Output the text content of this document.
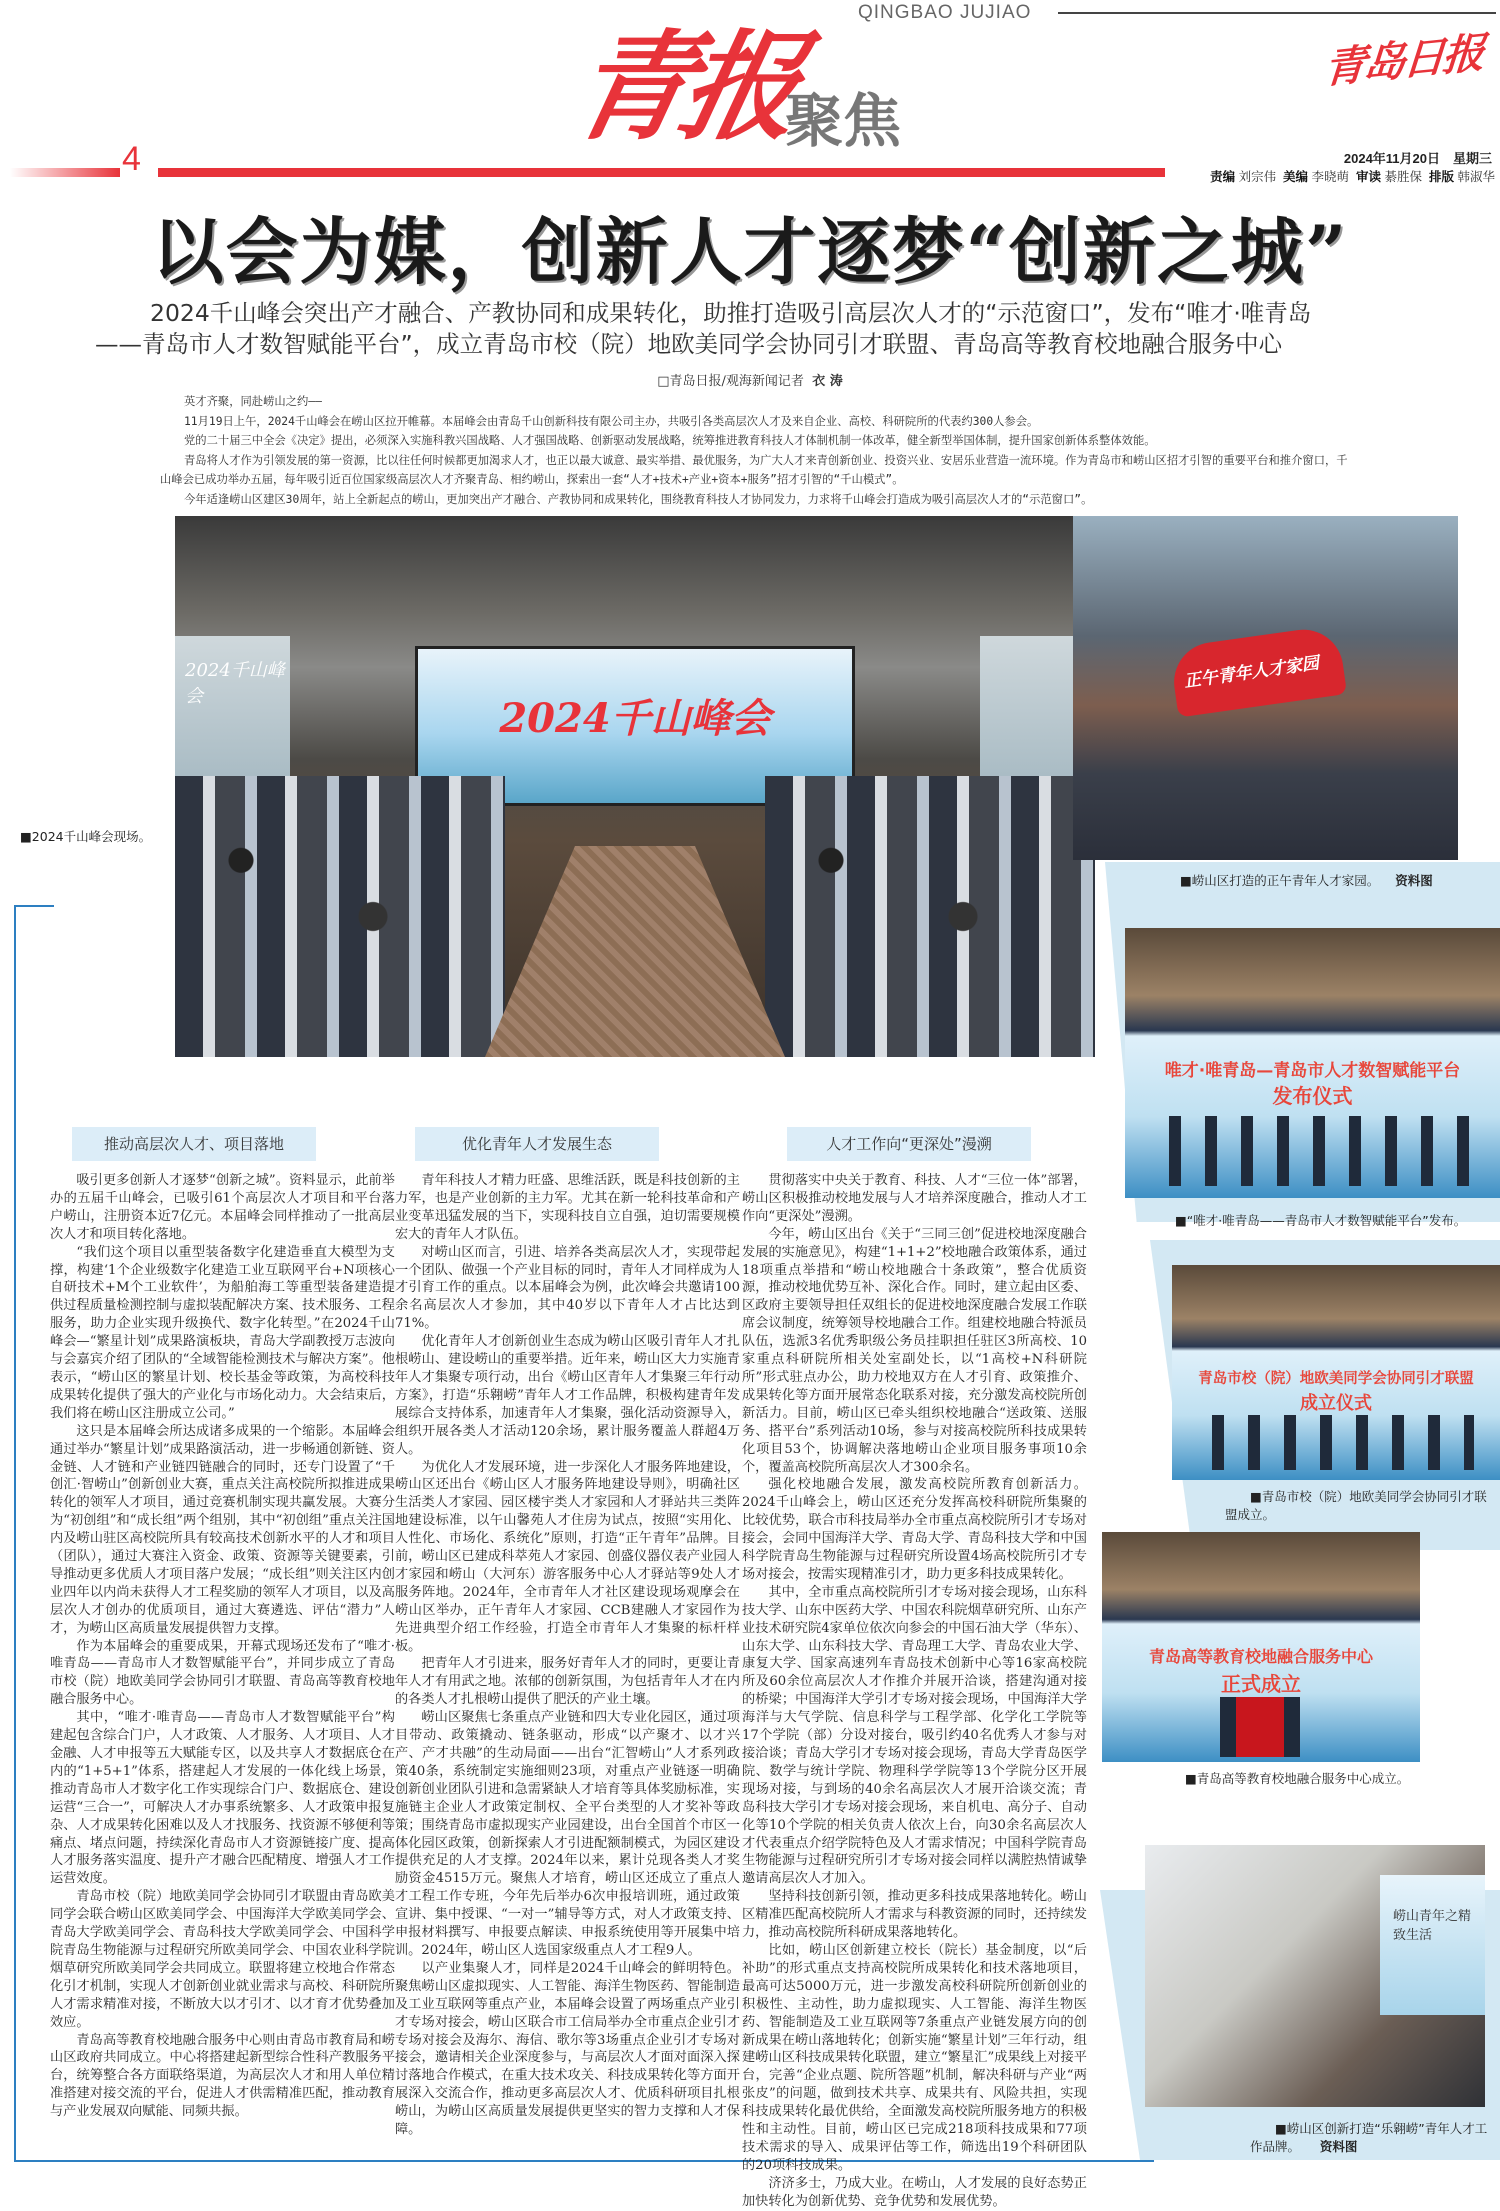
QINGBAO JUJIAO
青报
聚焦
青岛日报
4	2024年11月20日　星期三
责编 刘宗伟 美编 李晓萌 审读 綦胜保 排版 韩淑华
以会为媒，创新人才逐梦“创新之城”
2024千山峰会突出产才融合、产教协同和成果转化，助推打造吸引高层次人才的“示范窗口”，发布“唯才·唯青岛
——青岛市人才数智赋能平台”，成立青岛市校（院）地欧美同学会协同引才联盟、青岛高等教育校地融合服务中心
□青岛日报/观海新闻记者 衣 涛

英才齐聚，同赴崂山之约——

11月19日上午，2024千山峰会在崂山区拉开帷幕。本届峰会由青岛千山创新科技有限公司主办，共吸引各类高层次人才及来自企业、高校、科研院所的代表约300人参会。

党的二十届三中全会《决定》提出，必须深入实施科教兴国战略、人才强国战略、创新驱动发展战略，统筹推进教育科技人才体制机制一体改革，健全新型举国体制，提升国家创新体系整体效能。

青岛将人才作为引领发展的第一资源，比以往任何时候都更加渴求人才，也正以最大诚意、最实举措、最优服务，为广大人才来青创新创业、投资兴业、安居乐业营造一流环境。作为青岛市和崂山区招才引智的重要平台和推介窗口，千山峰会已成功举办五届，每年吸引近百位国家级高层次人才齐聚青岛、相约崂山，探索出一套“人才+技术+产业+资本+服务”招才引智的“千山模式”。

今年适逢崂山区建区30周年，站上全新起点的崂山，更加突出产才融合、产教协同和成果转化，围绕教育科技人才协同发力，力求将千山峰会打造成为吸引高层次人才的“示范窗口”。

2024千山峰会	2024千山峰会
■2024千山峰会现场。
正午青年人才家园
■崂山区打造的正午青年人才家园。 资料图
唯才·唯青岛—青岛市人才数智赋能平台
发布仪式
■“唯才·唯青岛——青岛市人才数智赋能平台”发布。
青岛市校（院）地欧美同学会协同引才联盟
成立仪式
■青岛市校（院）地欧美同学会协同引才联盟成立。
青岛高等教育校地融合服务中心
正式成立
■青岛高等教育校地融合服务中心成立。
崂山青年之精致生活
■崂山区创新打造“乐翱崂”青年人才工作品牌。 资料图
推动高层次人才、项目落地	优化青年人才发展生态	人才工作向“更深处”漫溯

吸引更多创新人才逐梦“创新之城”。资料显示，此前举办的五届千山峰会，已吸引61个高层次人才项目和平台落户崂山，注册资本近7亿元。本届峰会同样推动了一批高层次人才和项目转化落地。

“我们这个项目以重型装备数字化建造垂直大模型为支撑，构建‘1个企业级数字化建造工业互联网平台+N项核心自研技术+M个工业软件’，为船舶海工等重型装备建造提供过程质量检测控制与虚拟装配解决方案、技术服务、工程服务，助力企业实现升级换代、数字化转型。”在2024千山峰会—“繁星计划”成果路演板块，青岛大学副教授万志波向与会嘉宾介绍了团队的“全域智能检测技术与解决方案”。他表示，“崂山区的繁星计划、校长基金等政策，为高校科技成果转化提供了强大的产业化与市场化动力。大会结束后，我们将在崂山区注册成立公司。”

这只是本届峰会所达成诸多成果的一个缩影。本届峰会通过举办“繁星计划”成果路演活动，进一步畅通创新链、资金链、人才链和产业链四链融合的同时，还专门设置了“千创汇·智崂山”创新创业大赛，重点关注高校院所拟推进成果转化的领军人才项目，通过竞赛机制实现共赢发展。大赛分为“初创组”和“成长组”两个组别，其中“初创组”重点关注国内及崂山驻区高校院所具有较高技术创新水平的人才和项目（团队），通过大赛注入资金、政策、资源等关键要素，引导推动更多优质人才项目落户发展；“成长组”则关注区内创业四年以内尚未获得人才工程奖励的领军人才项目，以及高层次人才创办的优质项目，通过大赛遴选、评估“潜力”人才，为崂山区高质量发展提供智力支撑。

作为本届峰会的重要成果，开幕式现场还发布了“唯才·唯青岛——青岛市人才数智赋能平台”，并同步成立了青岛市校（院）地欧美同学会协同引才联盟、青岛高等教育校地融合服务中心。

其中，“唯才·唯青岛——青岛市人才数智赋能平台”构建起包含综合门户，人才政策、人才服务、人才项目、人才金融、人才申报等五大赋能专区，以及共享人才数据底仓在内的“1+5+1”体系，搭建起人才发展的一体化线上场景，推动青岛市人才数字化工作实现综合门户、数据底仓、建设运营“三合一”，可解决人才办事系统繁多、人才政策申报复杂、人才成果转化困难以及人才找服务、找资源不够便利等痛点、堵点问题，持续深化青岛市人才资源链接广度、提高人才服务落实温度、提升产才融合匹配精度、增强人才工作运营效度。

青岛市校（院）地欧美同学会协同引才联盟由青岛欧美同学会联合崂山区欧美同学会、中国海洋大学欧美同学会、青岛大学欧美同学会、青岛科技大学欧美同学会、中国科学院青岛生物能源与过程研究所欧美同学会、中国农业科学院烟草研究所欧美同学会共同成立。联盟将建立校地合作常态化引才机制，实现人才创新创业就业需求与高校、科研院所人才需求精准对接，不断放大以才引才、以才育才优势叠加效应。

青岛高等教育校地融合服务中心则由青岛市教育局和崂山区政府共同成立。中心将搭建起新型综合性科产教服务平台，统筹整合各方面联络渠道，为高层次人才和用人单位精准搭建对接交流的平台，促进人才供需精准匹配，推动教育与产业发展双向赋能、同频共振。

青年科技人才精力旺盛、思维活跃，既是科技创新的主力军，也是产业创新的主力军。尤其在新一轮科技革命和产业变革迅猛发展的当下，实现科技自立自强，迫切需要规模宏大的青年人才队伍。

对崂山区而言，引进、培养各类高层次人才，实现带起一个团队、做强一个产业目标的同时，青年人才同样成为人才引育工作的重点。以本届峰会为例，此次峰会共邀请100余名高层次人才参加，其中40岁以下青年人才占比达到71%。

优化青年人才创新创业生态成为崂山区吸引青年人才扎根崂山、建设崂山的重要举措。近年来，崂山区大力实施青年人才集聚专项行动，出台《崂山区青年人才集聚三年行动方案》，打造“乐翱崂”青年人才工作品牌，积极构建青年发展综合支持体系，加速青年人才集聚，强化活动资源导入，组织开展各类人才活动120余场，累计服务覆盖人群超4万人。

为优化人才发展环境，进一步深化人才服务阵地建设，崂山区还出台《崂山区人才服务阵地建设导则》，明确社区生活类人才家园、园区楼宇类人才家园和人才驿站共三类阵地建设标准，以午山馨苑人才住房为试点，按照“实用化、人性化、市场化、系统化”原则，打造“正午青年”品牌。目前，崂山区已建成科萃苑人才家园、创盛仪器仪表产业园人才家园和崂山（大河东）游客服务中心人才驿站等9处人才服务阵地。2024年，全市青年人才社区建设现场观摩会在崂山区举办，正午青年人才家园、CCB建融人才家园作为先进典型介绍工作经验，打造全市青年人才集聚的标杆样板。

把青年人才引进来，服务好青年人才的同时，更要让青年人才有用武之地。浓郁的创新氛围，为包括青年人才在内的各类人才扎根崂山提供了肥沃的产业土壤。

崂山区聚焦七条重点产业链和四大专业化园区，通过项目带动、政策撬动、链条驱动，形成“以产聚才、以才兴产、产才共融”的生动局面——出台“汇智崂山”人才系列政策40条，系统制定实施细则23项，对重点产业链逐一明确创新创业团队引进和急需紧缺人才培育等具体奖励标准，实施链主企业人才政策定制权、全平台类型的人才奖补等政策；围绕青岛市虚拟现实产业园建设，出台全国首个市区一体化园区政策，创新探索人才引进配额制模式，为园区建设提供充足的人才支撑。2024年以来，累计兑现各类人才奖励资金4515万元。聚焦人才培育，崂山区还成立了重点人才工程工作专班，今年先后举办6次申报培训班，通过政策宣讲、集中授课、“一对一”辅导等方式，对人才政策支持、申报材料撰写、申报要点解读、申报系统使用等开展集中培训。2024年，崂山区人选国家级重点人才工程9人。

以产业集聚人才，同样是2024千山峰会的鲜明特色。聚焦崂山区虚拟现实、人工智能、海洋生物医药、智能制造及工业互联网等重点产业，本届峰会设置了两场重点产业引才专场对接会，崂山区联合市工信局举办全市重点企业引才专场对接会及海尔、海信、歌尔等3场重点企业引才专场对接会，邀请相关企业深度参与，与高层次人才面对面深入探讨落地合作模式，在重大技术攻关、科技成果转化等方面开展深入交流合作，推动更多高层次人才、优质科研项目扎根崂山，为崂山区高质量发展提供更坚实的智力支撑和人才保障。

贯彻落实中央关于教育、科技、人才“三位一体”部署，崂山区积极推动校地发展与人才培养深度融合，推动人才工作向“更深处”漫溯。

今年，崂山区出台《关于“三同三创”促进校地深度融合发展的实施意见》，构建“1+1+2”校地融合政策体系，通过18项重点举措和“崂山校地融合十条政策”，整合优质资源，推动校地优势互补、深化合作。同时，建立起由区委、区政府主要领导担任双组长的促进校地深度融合发展工作联席会议制度，统筹领导校地融合工作。组建校地融合特派员队伍，选派3名优秀职级公务员挂职担任驻区3所高校、10家重点科研院所相关处室副处长，以“1高校+N科研院所”形式驻点办公，助力校地双方在人才引育、政策推介、成果转化等方面开展常态化联系对接，充分激发高校院所创新活力。目前，崂山区已牵头组织校地融合“送政策、送服务、搭平台”系列活动10场，参与对接高校院所科技成果转化项目53个，协调解决落地崂山企业项目服务事项10余个，覆盖高校院所高层次人才300余名。

强化校地融合发展，激发高校院所教育创新活力。2024千山峰会上，崂山区还充分发挥高校科研院所集聚的比较优势，联合市科技局举办全市重点高校院所引才专场对接会，会同中国海洋大学、青岛大学、青岛科技大学和中国科学院青岛生物能源与过程研究所设置4场高校院所引才专场对接会，按需实现精准引才，助力更多科技成果转化。

其中，全市重点高校院所引才专场对接会现场，山东科技大学、山东中医药大学、中国农科院烟草研究所、山东产业技术研究院4家单位依次向参会的中国石油大学（华东）、山东大学、山东科技大学、青岛理工大学、青岛农业大学、康复大学、国家高速列车青岛技术创新中心等16家高校院所及60余位高层次人才作推介并展开洽谈，搭建沟通对接的桥梁；中国海洋大学引才专场对接会现场，中国海洋大学海洋与大气学院、信息科学与工程学部、化学化工学院等17个学院（部）分设对接台，吸引约40名优秀人才参与对接洽谈；青岛大学引才专场对接会现场，青岛大学青岛医学院、数学与统计学院、物理科学学院等13个学院分区开展现场对接，与到场的40余名高层次人才展开洽谈交流；青岛科技大学引才专场对接会现场，来自机电、高分子、自动化等10个学院的相关负责人依次上台，向30余名高层次人才代表重点介绍学院特色及人才需求情况；中国科学院青岛生物能源与过程研究所引才专场对接会同样以满腔热情诚挚邀请高层次人才加入。

坚持科技创新引领，推动更多科技成果落地转化。崂山区精准匹配高校院所人才需求与科教资源的同时，还持续发力，推动高校院所科研成果落地转化。

比如，崂山区创新建立校长（院长）基金制度，以“后补助”的形式重点支持高校院所成果转化和技术落地项目，最高可达5000万元，进一步激发高校科研院所创新创业的积极性、主动性，助力虚拟现实、人工智能、海洋生物医药、智能制造及工业互联网等7条重点产业链发展方向的创新成果在崂山落地转化；创新实施“繁星计划”三年行动，组建崂山区科技成果转化联盟，建立“繁星汇”成果线上对接平台，完善“企业点题、院所答题”机制，解决科研与产业“两张皮”的问题，做到技术共享、成果共有、风险共担，实现科技成果转化最优供给，全面激发高校院所服务地方的积极性和主动性。目前，崂山区已完成218项科技成果和77项技术需求的导入、成果评估等工作，筛选出19个科研团队的20项科技成果。

济济多士，乃成大业。在崂山，人才发展的良好态势正加快转化为创新优势、竞争优势和发展优势。
